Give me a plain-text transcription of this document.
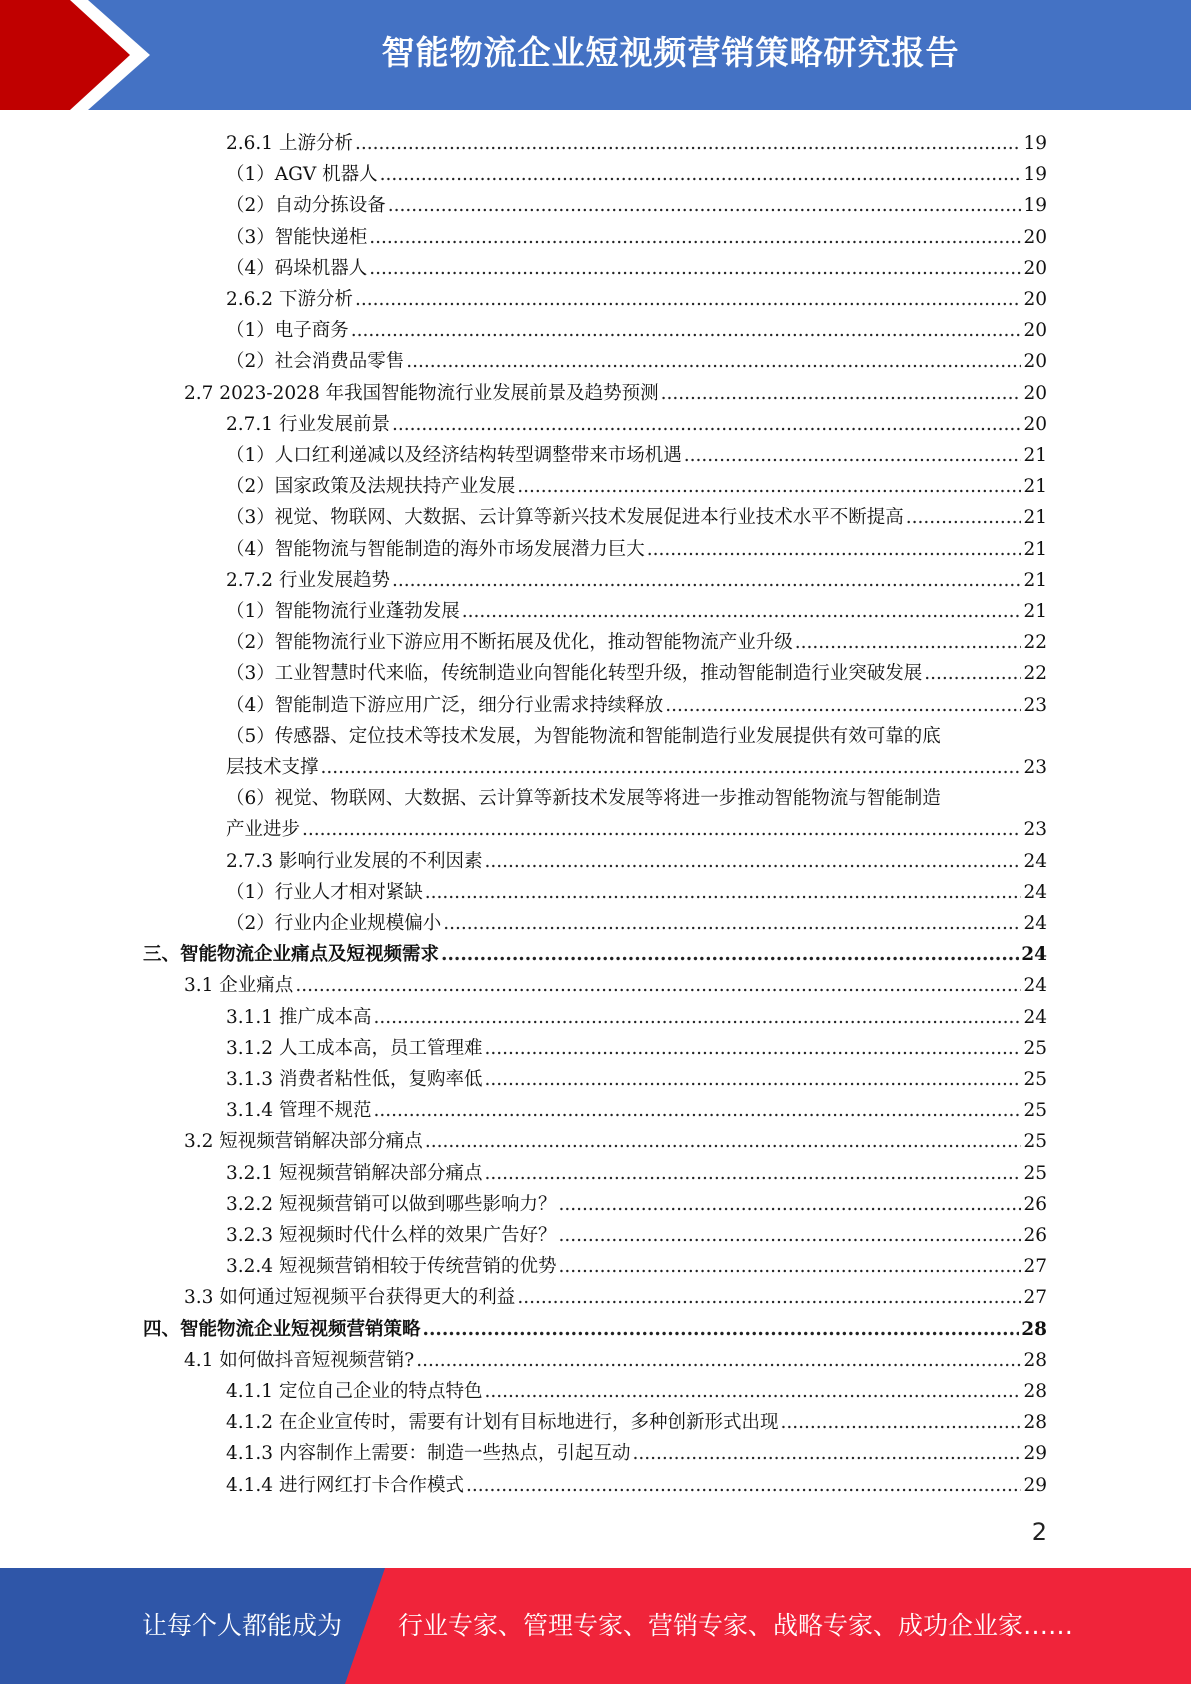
智能物流企业短视频营销策略研究报告
2.6.1 上游分析 .....	19
（1）AGV 机器人 .....	19
（2）自动分拣设备 .....	19
（3）智能快递柜 .....	20
（4）码垛机器人 .....	20
2.6.2 下游分析 .....	20
（1）电子商务 .....	20
（2）社会消费品零售 .....	20
2.7 2023-2028 年我国智能物流行业发展前景及趋势预测 .....	20
2.7.1 行业发展前景 .....	20
（1）人口红利递减以及经济结构转型调整带来市场机遇 .....	21
（2）国家政策及法规扶持产业发展 .....	21
（3）视觉、物联网、大数据、云计算等新兴技术发展促进本行业技术水平不断提高 .....	21
（4）智能物流与智能制造的海外市场发展潜力巨大 .....	21
2.7.2 行业发展趋势 .....	21
（1）智能物流行业蓬勃发展 .....	21
（2）智能物流行业下游应用不断拓展及优化，推动智能物流产业升级 .....	22
（3）工业智慧时代来临，传统制造业向智能化转型升级，推动智能制造行业突破发展 .....	22
（4）智能制造下游应用广泛，细分行业需求持续释放 .....	23
（5）传感器、定位技术等技术发展，为智能物流和智能制造行业发展提供有效可靠的底
层技术支撑 .....	23
（6）视觉、物联网、大数据、云计算等新技术发展等将进一步推动智能物流与智能制造
产业进步 .....	23
2.7.3 影响行业发展的不利因素 .....	24
（1）行业人才相对紧缺 .....	24
（2）行业内企业规模偏小 .....	24
三、智能物流企业痛点及短视频需求 .....	24
3.1 企业痛点 .....	24
3.1.1 推广成本高 .....	24
3.1.2 人工成本高，员工管理难 .....	25
3.1.3 消费者粘性低，复购率低 .....	25
3.1.4 管理不规范 .....	25
3.2 短视频营销解决部分痛点 .....	25
3.2.1 短视频营销解决部分痛点 .....	25
3.2.2 短视频营销可以做到哪些影响力？ .....	26
3.2.3 短视频时代什么样的效果广告好？ .....	26
3.2.4 短视频营销相较于传统营销的优势 .....	27
3.3 如何通过短视频平台获得更大的利益 .....	27
四、智能物流企业短视频营销策略 .....	28
4.1 如何做抖音短视频营销? .....	28
4.1.1 定位自己企业的特点特色 .....	28
4.1.2 在企业宣传时，需要有计划有目标地进行，多种创新形式出现 .....	28
4.1.3 内容制作上需要：制造一些热点，引起互动 .....	29
4.1.4 进行网红打卡合作模式 .....	29
2
让每个人都能成为 行业专家、管理专家、营销专家、战略专家、成功企业家……
